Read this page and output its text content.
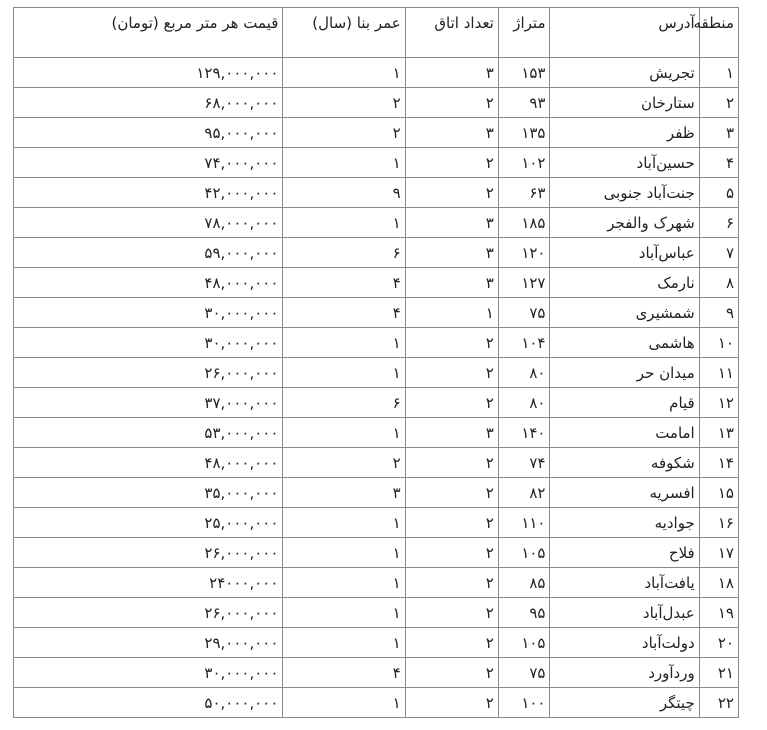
منطقه	آدرس	متراژ	تعداد اتاق	عمر بنا (سال)	قیمت هر متر مربع (تومان)
۱	تجریش	۱۵۳	۳	۱	۱۲۹,۰۰۰,۰۰۰
۲	ستارخان	۹۳	۲	۲	۶۸,۰۰۰,۰۰۰
۳	ظفر	۱۳۵	۳	۲	۹۵,۰۰۰,۰۰۰
۴	حسین‌آباد	۱۰۲	۲	۱	۷۴,۰۰۰,۰۰۰
۵	جنت‌آباد جنوبی	۶۳	۲	۹	۴۲,۰۰۰,۰۰۰
۶	شهرک والفجر	۱۸۵	۳	۱	۷۸,۰۰۰,۰۰۰
۷	عباس‌آباد	۱۲۰	۳	۶	۵۹,۰۰۰,۰۰۰
۸	نارمک	۱۲۷	۳	۴	۴۸,۰۰۰,۰۰۰
۹	شمشیری	۷۵	۱	۴	۳۰,۰۰۰,۰۰۰
۱۰	هاشمی	۱۰۴	۲	۱	۳۰,۰۰۰,۰۰۰
۱۱	میدان حر	۸۰	۲	۱	۲۶,۰۰۰,۰۰۰
۱۲	قیام	۸۰	۲	۶	۳۷,۰۰۰,۰۰۰
۱۳	امامت	۱۴۰	۳	۱	۵۳,۰۰۰,۰۰۰
۱۴	شکوفه	۷۴	۲	۲	۴۸,۰۰۰,۰۰۰
۱۵	افسریه	۸۲	۲	۳	۳۵,۰۰۰,۰۰۰
۱۶	جوادیه	۱۱۰	۲	۱	۲۵,۰۰۰,۰۰۰
۱۷	فلاح	۱۰۵	۲	۱	۲۶,۰۰۰,۰۰۰
۱۸	یافت‌آباد	۸۵	۲	۱	۲۴۰۰۰,۰۰۰
۱۹	عبدل‌آباد	۹۵	۲	۱	۲۶,۰۰۰,۰۰۰
۲۰	دولت‌آباد	۱۰۵	۲	۱	۲۹,۰۰۰,۰۰۰
۲۱	وردآورد	۷۵	۲	۴	۳۰,۰۰۰,۰۰۰
۲۲	چیتگر	۱۰۰	۲	۱	۵۰,۰۰۰,۰۰۰
